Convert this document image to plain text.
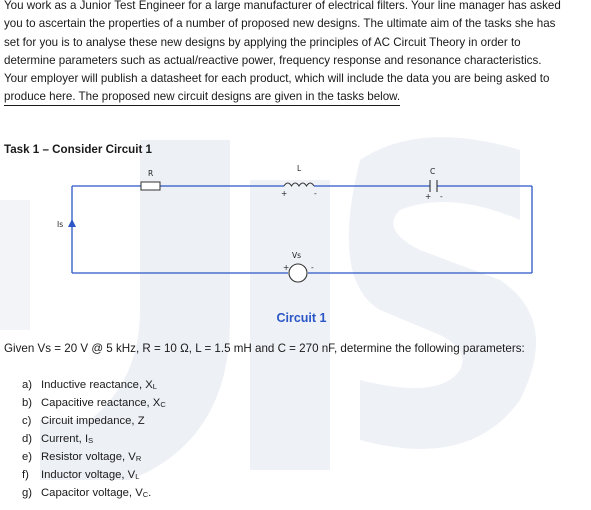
You work as a Junior Test Engineer for a large manufacturer of electrical filters. Your line manager has asked
you to ascertain the properties of a number of proposed new designs. The ultimate aim of the tasks she has
set for you is to analyse these new designs by applying the principles of AC Circuit Theory in order to
determine parameters such as actual/reactive power, frequency response and resonance characteristics.
Your employer will publish a datasheet for each product, which will include the data you are being asked to
produce here. The proposed new circuit designs are given in the tasks below.

Task 1 – Consider Circuit 1

R
L
+	-
C
+ -
Is
Vs
+	-

Circuit 1

Given Vs = 20 V @ 5 kHz, R = 10 Ω, L = 1.5 mH and C = 270 nF, determine the following parameters:

a) Inductive reactance, $X_L$
b) Capacitive reactance, $X_C$
c) Circuit impedance, Z
d) Current, $I_S$
e) Resistor voltage, $V_R$
f) Inductor voltage, $V_L$
g) Capacitor voltage, $V_C$.
